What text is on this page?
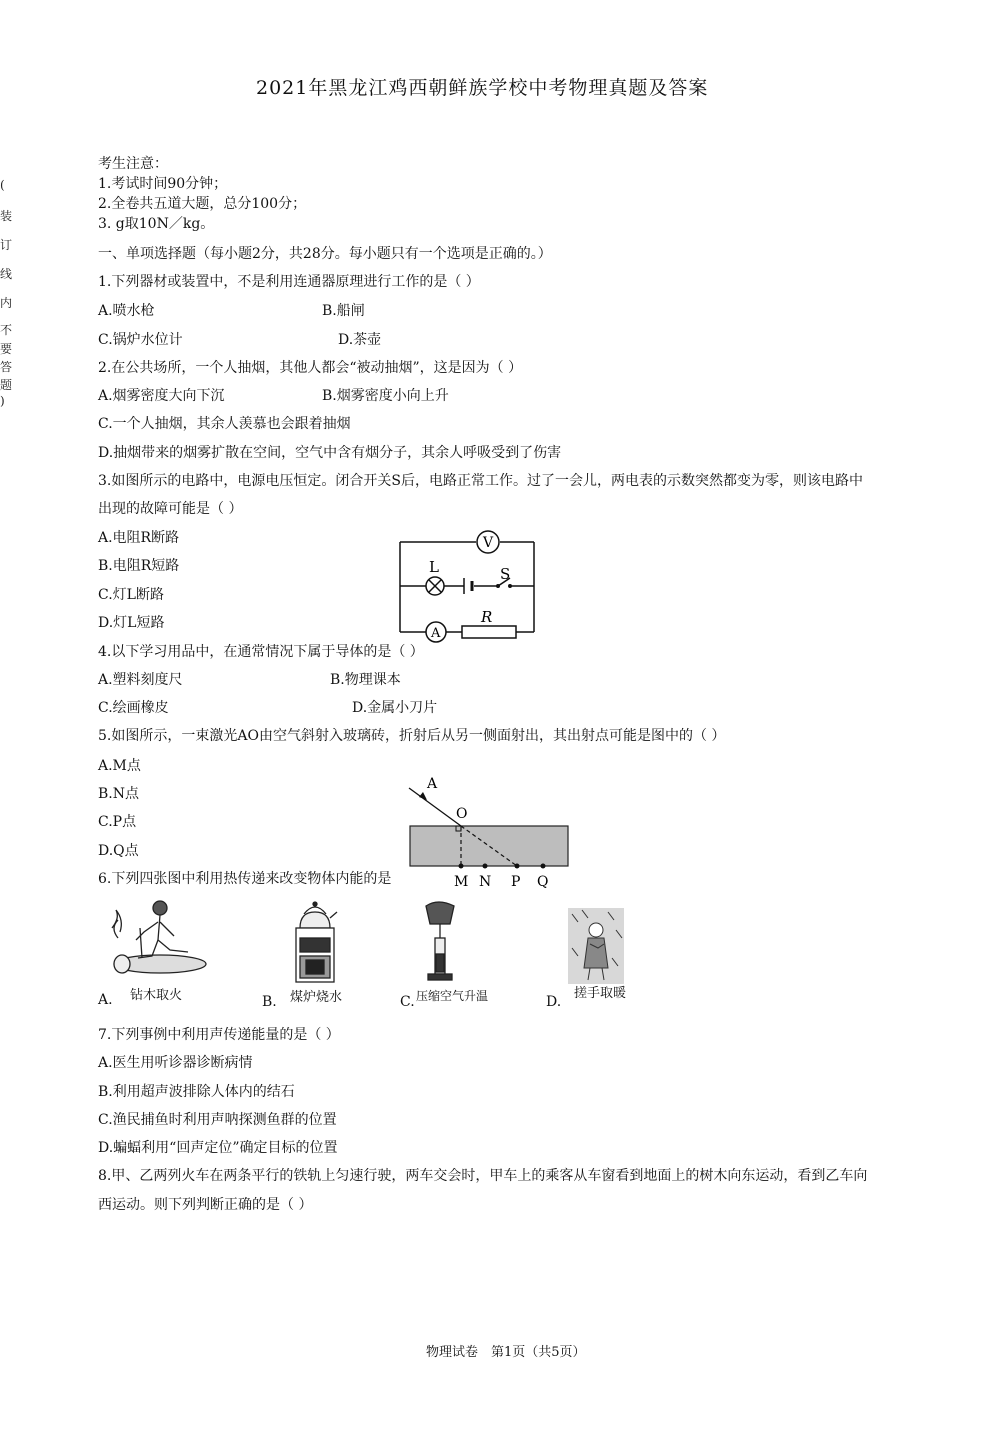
2021年黑龙江鸡西朝鲜族学校中考物理真题及答案
(
装
订
线
内
不
要
答
题
)
考生注意：
1.考试时间90分钟；
2.全卷共五道大题，总分100分；
3. g取10N／kg。
一、单项选择题（每小题2分，共28分。每小题只有一个选项是正确的。）
1.下列器材或装置中，不是利用连通器原理进行工作的是（ ）
A.喷水枪	B.船闸
C.锅炉水位计	D.茶壶
2.在公共场所，一个人抽烟，其他人都会“被动抽烟”，这是因为（ ）
A.烟雾密度大向下沉	B.烟雾密度小向上升
C.一个人抽烟，其余人羡慕也会跟着抽烟
D.抽烟带来的烟雾扩散在空间，空气中含有烟分子，其余人呼吸受到了伤害
3.如图所示的电路中，电源电压恒定。闭合开关S后，电路正常工作。过了一会儿，两电表的示数突然都变为零，则该电路中
出现的故障可能是（ ）
A.电阻R断路
B.电阻R短路
C.灯L断路
D.灯L短路
V
L	S
A
R
4.以下学习用品中，在通常情况下属于导体的是（ ）
A.塑料刻度尺	B.物理课本
C.绘画橡皮	D.金属小刀片
5.如图所示，一束激光AO由空气斜射入玻璃砖，折射后从另一侧面射出，其出射点可能是图中的（ ）
A.M点
B.N点
C.P点
D.Q点
A
O
M N P Q
6.下列四张图中利用热传递来改变物体内能的是
A. 钻木取火	B. 煤炉烧水	C. 压缩空气升温	D.
搓手取暖
7.下列事例中利用声传递能量的是（ ）
A.医生用听诊器诊断病情
B.利用超声波排除人体内的结石
C.渔民捕鱼时利用声呐探测鱼群的位置
D.蝙蝠利用“回声定位”确定目标的位置
8.甲、乙两列火车在两条平行的铁轨上匀速行驶，两车交会时，甲车上的乘客从车窗看到地面上的树木向东运动，看到乙车向
西运动。则下列判断正确的是（ ）
物理试卷　第1页（共5页）
